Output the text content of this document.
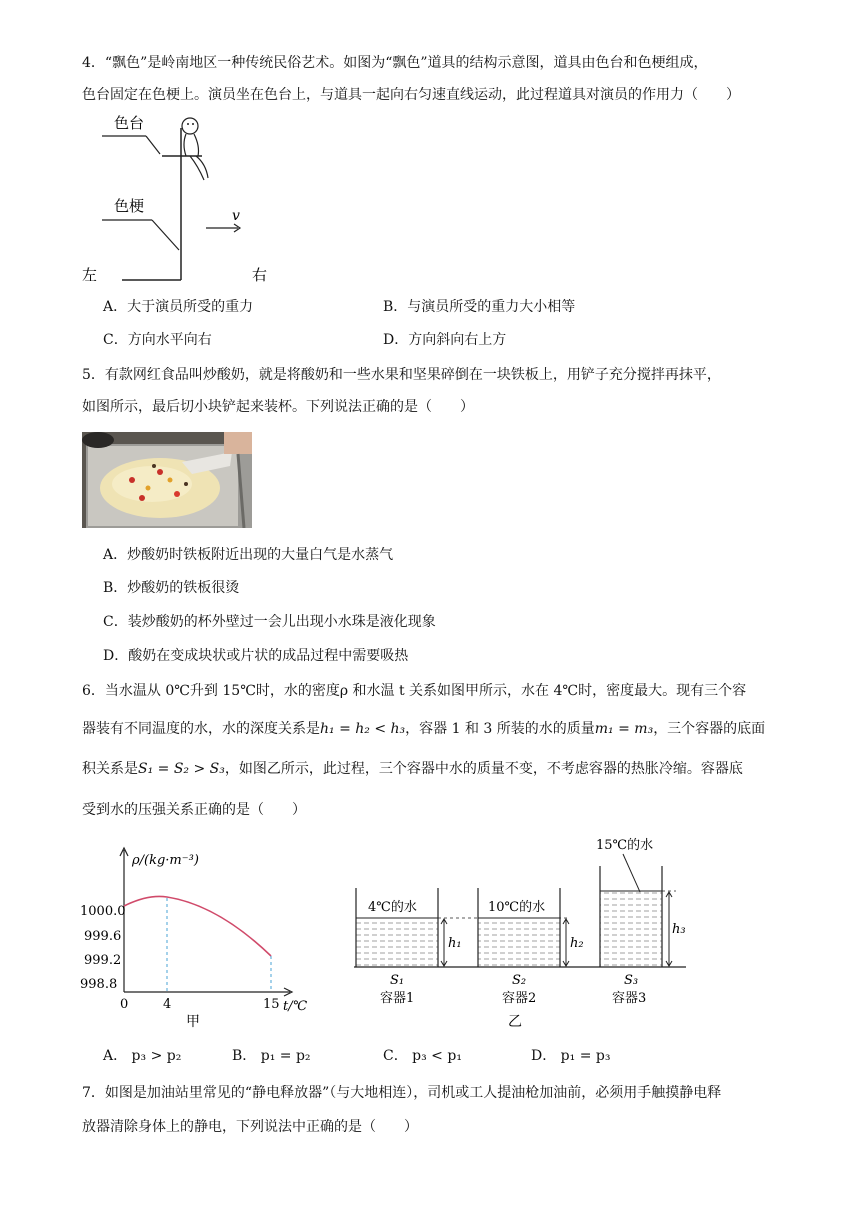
4．“飘色”是岭南地区一种传统民俗艺术。如图为“飘色”道具的结构示意图，道具由色台和色梗组成，
色台固定在色梗上。演员坐在色台上，与道具一起向右匀速直线运动，此过程道具对演员的作用力（　　）
色台
色梗
v
左	右
A．大于演员所受的重力	B．与演员所受的重力大小相等
C．方向水平向右	D．方向斜向右上方
5．有款网红食品叫炒酸奶，就是将酸奶和一些水果和坚果碎倒在一块铁板上，用铲子充分搅拌再抹平，
如图所示，最后切小块铲起来装杯。下列说法正确的是（　　）
A．炒酸奶时铁板附近出现的大量白气是水蒸气
B．炒酸奶的铁板很烫
C．装炒酸奶的杯外壁过一会儿出现小水珠是液化现象
D．酸奶在变成块状或片状的成品过程中需要吸热
6．当水温从 0℃升到 15℃时，水的密度ρ 和水温 t 关系如图甲所示，水在 4℃时，密度最大。现有三个容
器装有不同温度的水，水的深度关系是h₁ = h₂ < h₃，容器 1 和 3 所装的水的质量m₁ = m₃，三个容器的底面
积关系是S₁ = S₂ > S₃，如图乙所示，此过程，三个容器中水的质量不变，不考虑容器的热胀冷缩。容器底
受到水的压强关系正确的是（　　）
ρ/(kg·m⁻³)
t/℃
1000.0
999.6
999.2
998.8
0	4	15
甲
4℃的水
h₁
S₁
容器1
10℃的水
h₂
S₂
容器2
15℃的水
h₃
S₃
容器3
乙
A． p₃ > p₂	B． p₁ = p₂	C． p₃ < p₁	D． p₁ = p₃
7．如图是加油站里常见的“静电释放器”（与大地相连），司机或工人提油枪加油前，必须用手触摸静电释
放器清除身体上的静电，下列说法中正确的是（　　）
